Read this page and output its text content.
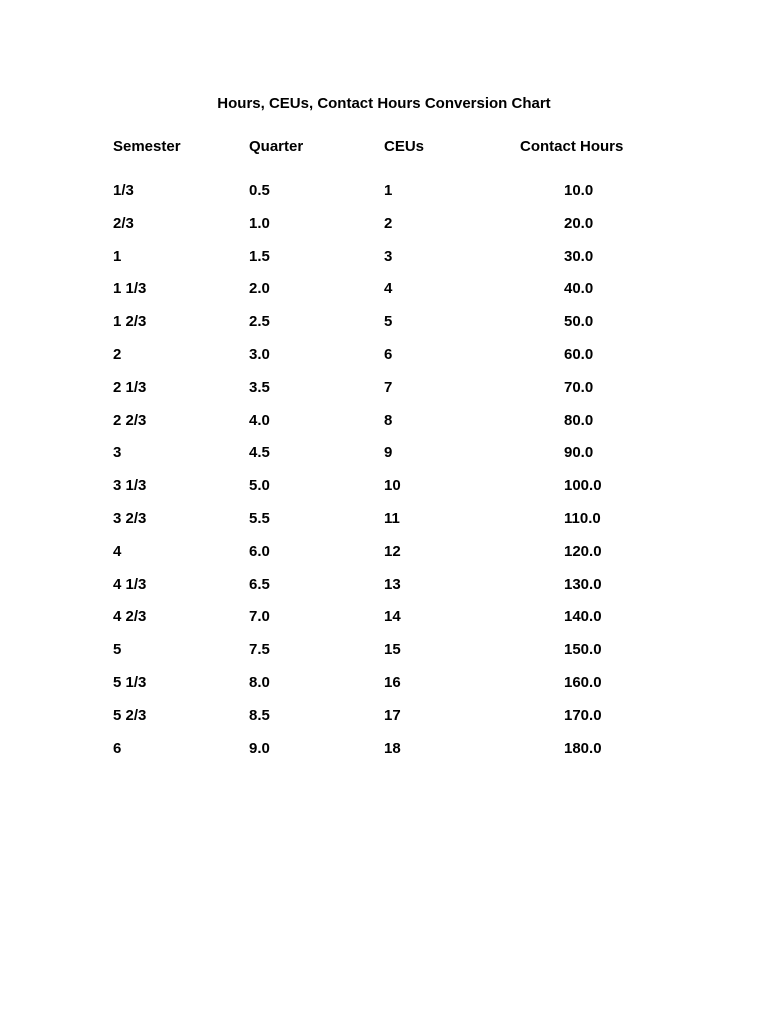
Hours, CEUs, Contact Hours Conversion Chart
Semester	Quarter	CEUs	Contact Hours
1/3	0.5	1	10.0
2/3	1.0	2	20.0
1	1.5	3	30.0
1 1/3	2.0	4	40.0
1 2/3	2.5	5	50.0
2	3.0	6	60.0
2 1/3	3.5	7	70.0
2 2/3	4.0	8	80.0
3	4.5	9	90.0
3 1/3	5.0	10	100.0
3 2/3	5.5	11	110.0
4	6.0	12	120.0
4 1/3	6.5	13	130.0
4 2/3	7.0	14	140.0
5	7.5	15	150.0
5 1/3	8.0	16	160.0
5 2/3	8.5	17	170.0
6	9.0	18	180.0
